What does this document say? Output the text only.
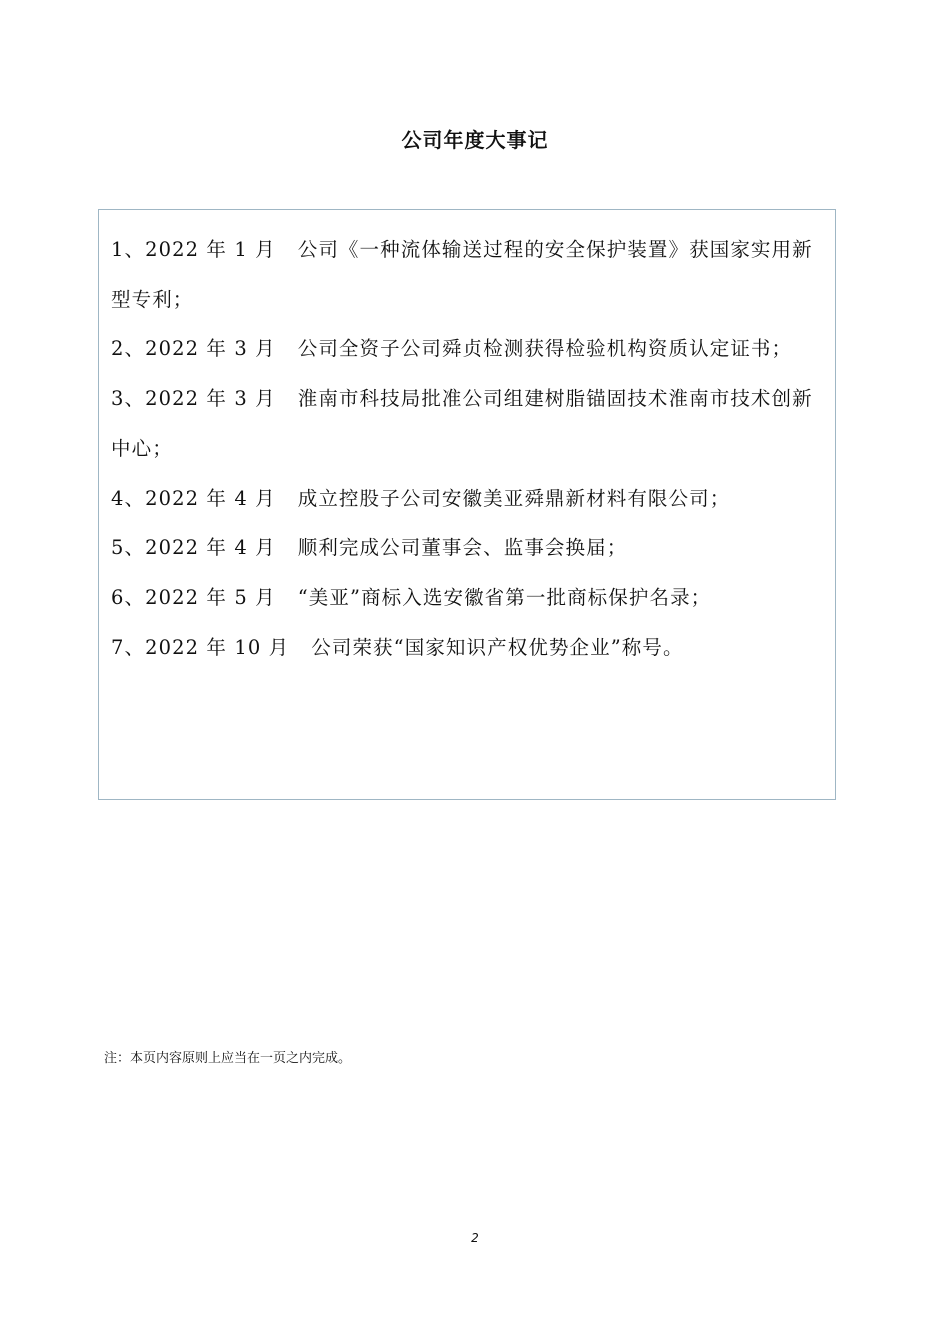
公司年度大事记

1、2022 年 1 月 公司《一种流体输送过程的安全保护装置》获国家实用新型专利；

2、2022 年 3 月 公司全资子公司舜贞检测获得检验机构资质认定证书；

3、2022 年 3 月 淮南市科技局批准公司组建树脂锚固技术淮南市技术创新中心；

4、2022 年 4 月 成立控股子公司安徽美亚舜鼎新材料有限公司；

5、2022 年 4 月 顺利完成公司董事会、监事会换届；

6、2022 年 5 月 “美亚”商标入选安徽省第一批商标保护名录；

7、2022 年 10 月 公司荣获“国家知识产权优势企业”称号。

注：本页内容原则上应当在一页之内完成。
2
